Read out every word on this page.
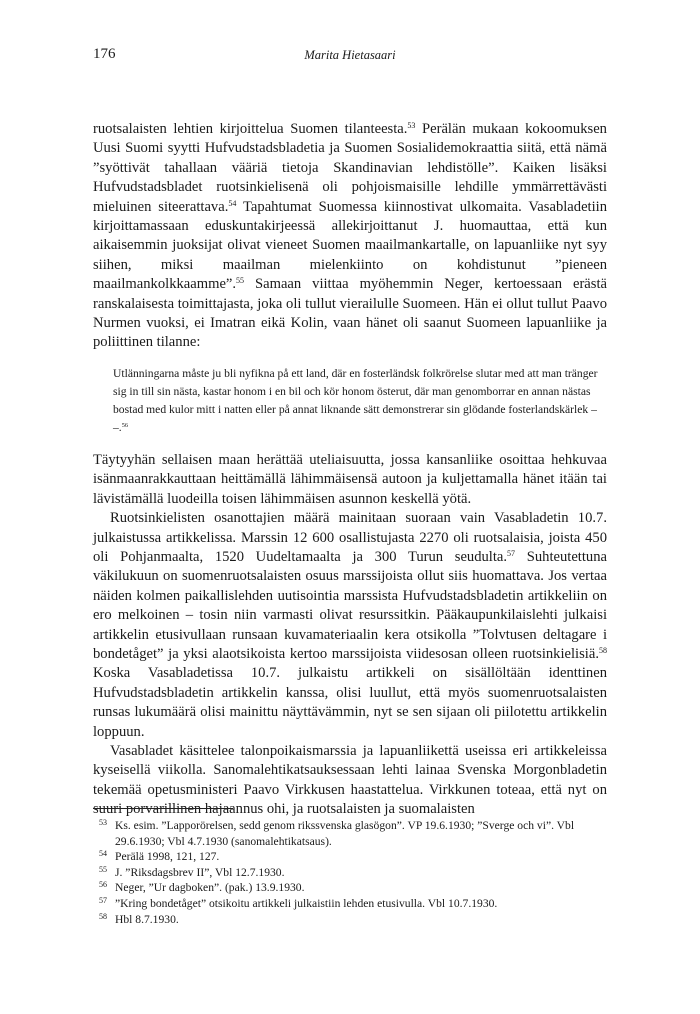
176	Marita Hietasaari

ruotsalaisten lehtien kirjoittelua Suomen tilanteesta.$^{53}$ Perälän mukaan kokoomuksen Uusi Suomi syytti Hufvudstadsbladetia ja Suomen Sosialidemokraattia siitä, että nämä ”syöttivät tahallaan vääriä tietoja Skandinavian lehdistölle”. Kaiken lisäksi Hufvudstadsbladet ruotsinkielisenä oli pohjoismaisille lehdille ymmärrettävästi mieluinen siteerattava.$^{54}$ Tapahtumat Suomessa kiinnostivat ulkomaita. Vasabladetiin kirjoittamassaan eduskuntakirjeessä allekirjoittanut J. huomauttaa, että kun aikaisemmin juoksijat olivat vieneet Suomen maailmankartalle, on lapuanliike nyt syy siihen, miksi maailman mielenkiinto on kohdistunut ”pieneen maailmankolkkaamme”.$^{55}$ Samaan viittaa myöhemmin Neger, kertoessaan erästä ranskalaisesta toimittajasta, joka oli tullut vierailulle Suomeen. Hän ei ollut tullut Paavo Nurmen vuoksi, ei Imatran eikä Kolin, vaan hänet oli saanut Suomeen lapuanliike ja poliittinen tilanne:

Utlänningarna måste ju bli nyfikna på ett land, där en fosterländsk folkrörelse slutar med att man tränger sig in till sin nästa, kastar honom i en bil och kör honom österut, där man genomborrar en annan nästas bostad med kulor mitt i natten eller på annat liknande sätt demonstrerar sin glödande fosterlandskärlek – –.$^{56}$

Täytyyhän sellaisen maan herättää uteliaisuutta, jossa kansanliike osoittaa hehkuvaa isänmaanrakkauttaan heittämällä lähimmäisensä autoon ja kuljettamalla hänet itään tai lävistämällä luodeilla toisen lähimmäisen asunnon keskellä yötä.

Ruotsinkielisten osanottajien määrä mainitaan suoraan vain Vasabladetin 10.7. julkaistussa artikkelissa. Marssin 12 600 osallistujasta 2270 oli ruotsalaisia, joista 450 oli Pohjanmaalta, 1520 Uudeltamaalta ja 300 Turun seudulta.$^{57}$ Suhteutettuna väkilukuun on suomenruotsalaisten osuus marssijoista ollut siis huomattava. Jos vertaa näiden kolmen paikallislehden uutisointia marssista Hufvudstadsbladetin artikkeliin on ero melkoinen – tosin niin varmasti olivat resurssitkin. Pääkaupunkilaislehti julkaisi artikkelin etusivullaan runsaan kuvamateriaalin kera otsikolla ”Tolvtusen deltagare i bondetåget” ja yksi alaotsikoista kertoo marssijoista viidesosan olleen ruotsinkielisiä.$^{58}$ Koska Vasabladetissa 10.7. julkaistu artikkeli on sisällöltään identtinen Hufvudstadsbladetin artikkelin kanssa, olisi luullut, että myös suomenruotsalaisten runsas lukumäärä olisi mainittu näyttävämmin, nyt se sen sijaan oli piilotettu artikkelin loppuun.

Vasabladet käsittelee talonpoikaismarssia ja lapuanliikettä useissa eri artikkeleissa kyseisellä viikolla. Sanomalehtikatsauksessaan lehti lainaa Svenska Morgonbladetin tekemää opetusministeri Paavo Virkkusen haastattelua. Virkkunen toteaa, että nyt on suuri porvarillinen hajaannus ohi, ja ruotsalaisten ja suomalaisten

53 Ks. esim. ”Lapporörelsen, sedd genom rikssvenska glasögon”. VP 19.6.1930; ”Sverge och vi”. Vbl 29.6.1930; Vbl 4.7.1930 (sanomalehtikatsaus).
54 Perälä 1998, 121, 127.
55 J. ”Riksdagsbrev II”, Vbl 12.7.1930.
56 Neger, ”Ur dagboken”. (pak.) 13.9.1930.
57 ”Kring bondetåget” otsikoitu artikkeli julkaistiin lehden etusivulla. Vbl 10.7.1930.
58 Hbl 8.7.1930.
